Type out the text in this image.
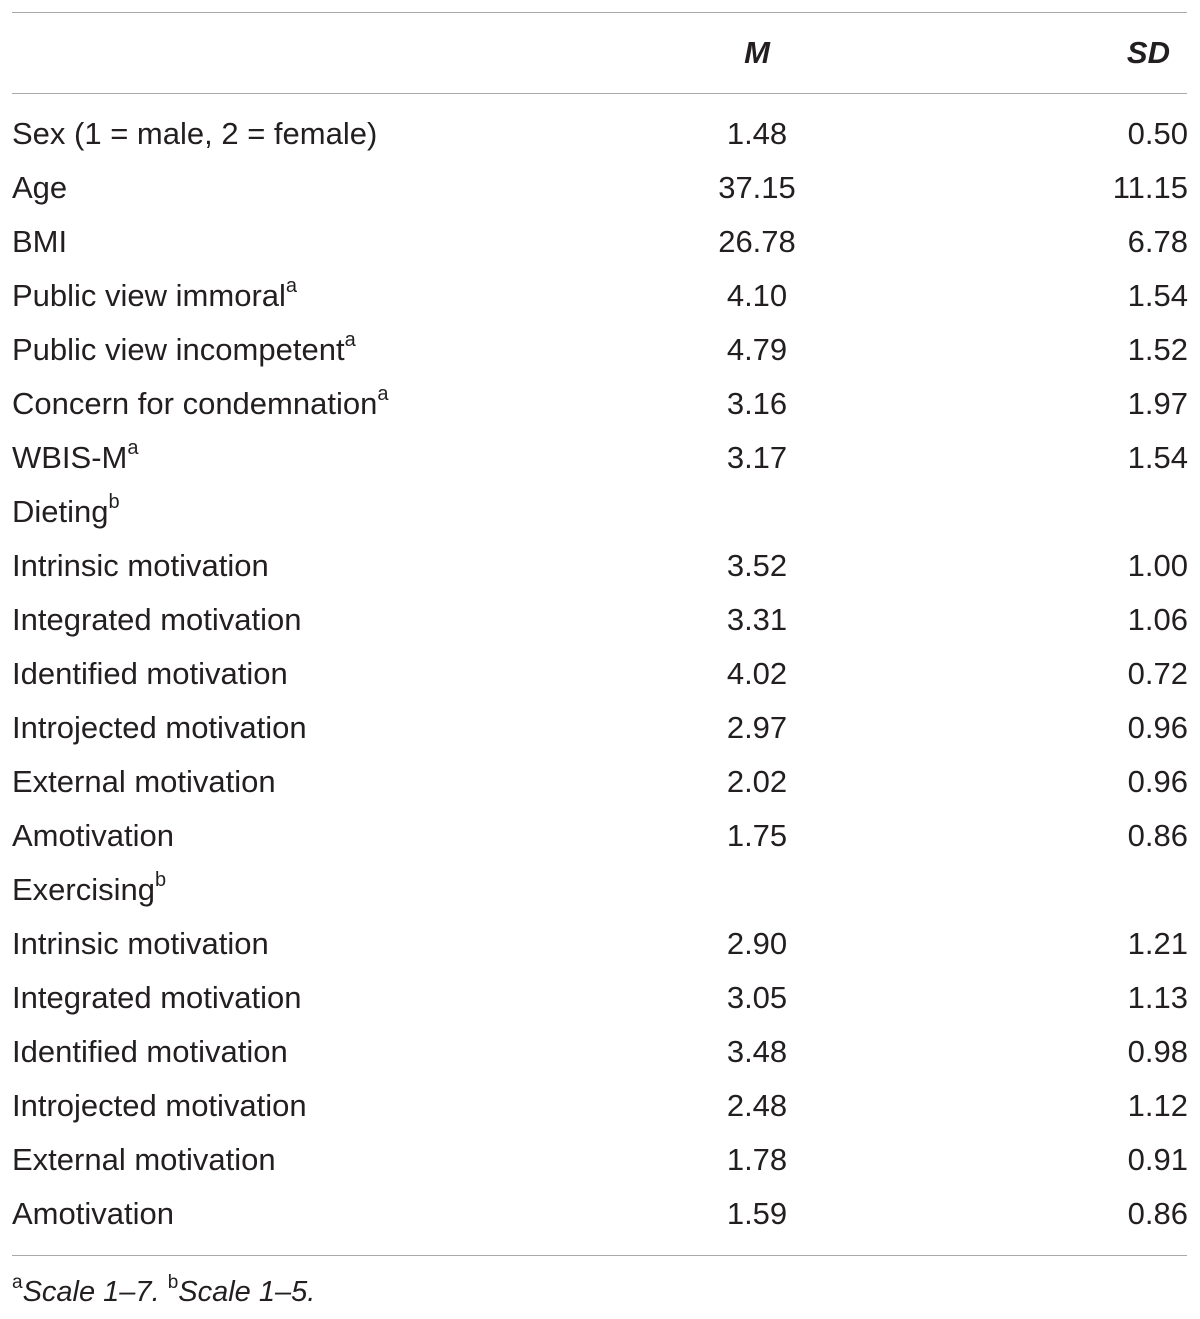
M	SD
Sex (1 = male, 2 = female)	1.48	0.50
Age	37.15	11.15
BMI	26.78	6.78
Public view immoral$^a$	4.10	1.54
Public view incompetent$^a$	4.79	1.52
Concern for condemnation$^a$	3.16	1.97
WBIS-$M^a$	3.17	1.54
Dieting$^b$
Intrinsic motivation	3.52	1.00
Integrated motivation	3.31	1.06
Identified motivation	4.02	0.72
Introjected motivation	2.97	0.96
External motivation	2.02	0.96
Amotivation	1.75	0.86
Exercising$^b$
Intrinsic motivation	2.90	1.21
Integrated motivation	3.05	1.13
Identified motivation	3.48	0.98
Introjected motivation	2.48	1.12
External motivation	1.78	0.91
Amotivation	1.59	0.86
$^a$Scale 1–7. $^b$Scale 1–5.
